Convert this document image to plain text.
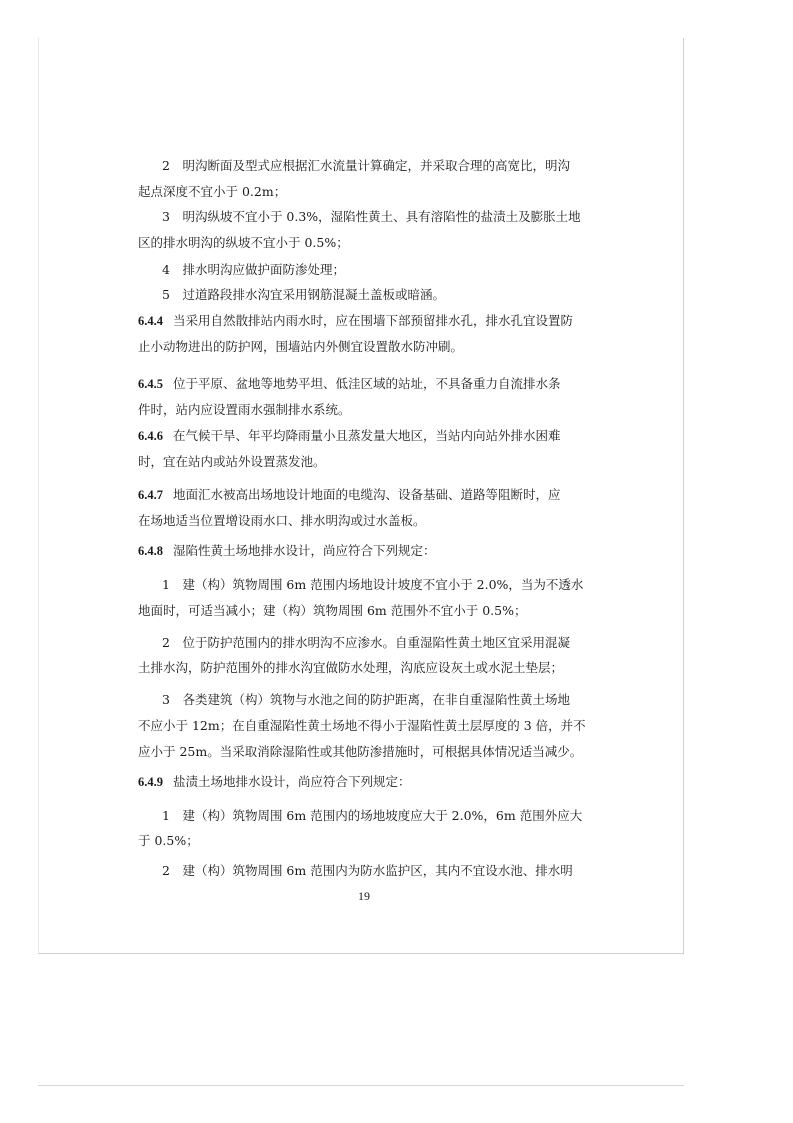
2　明沟断面及型式应根据汇水流量计算确定，并采取合理的高宽比，明沟
起点深度不宜小于 0.2m；
3　明沟纵坡不宜小于 0.3%，湿陷性黄土、具有溶陷性的盐渍土及膨胀土地
区的排水明沟的纵坡不宜小于 0.5%；
4　排水明沟应做护面防渗处理；
5　过道路段排水沟宜采用钢筋混凝土盖板或暗涵。
6.4.4 当采用自然散排站内雨水时，应在围墙下部预留排水孔，排水孔宜设置防
止小动物进出的防护网，围墙站内外侧宜设置散水防冲刷。
6.4.5 位于平原、盆地等地势平坦、低洼区域的站址，不具备重力自流排水条
件时，站内应设置雨水强制排水系统。
6.4.6 在气候干旱、年平均降雨量小且蒸发量大地区，当站内向站外排水困难
时，宜在站内或站外设置蒸发池。
6.4.7 地面汇水被高出场地设计地面的电缆沟、设备基础、道路等阻断时，应
在场地适当位置增设雨水口、排水明沟或过水盖板。
6.4.8 湿陷性黄土场地排水设计，尚应符合下列规定：
1　建（构）筑物周围 6m 范围内场地设计坡度不宜小于 2.0%，当为不透水
地面时，可适当减小；建（构）筑物周围 6m 范围外不宜小于 0.5%；
2　位于防护范围内的排水明沟不应渗水。自重湿陷性黄土地区宜采用混凝
土排水沟，防护范围外的排水沟宜做防水处理，沟底应设灰土或水泥土垫层；
3　各类建筑（构）筑物与水池之间的防护距离，在非自重湿陷性黄土场地
不应小于 12m；在自重湿陷性黄土场地不得小于湿陷性黄土层厚度的 3 倍，并不
应小于 25m。当采取消除湿陷性或其他防渗措施时，可根据具体情况适当减少。
6.4.9 盐渍土场地排水设计，尚应符合下列规定：
1　建（构）筑物周围 6m 范围内的场地坡度应大于 2.0%，6m 范围外应大
于 0.5%；
2　建（构）筑物周围 6m 范围内为防水监护区，其内不宜设水池、排水明
19
